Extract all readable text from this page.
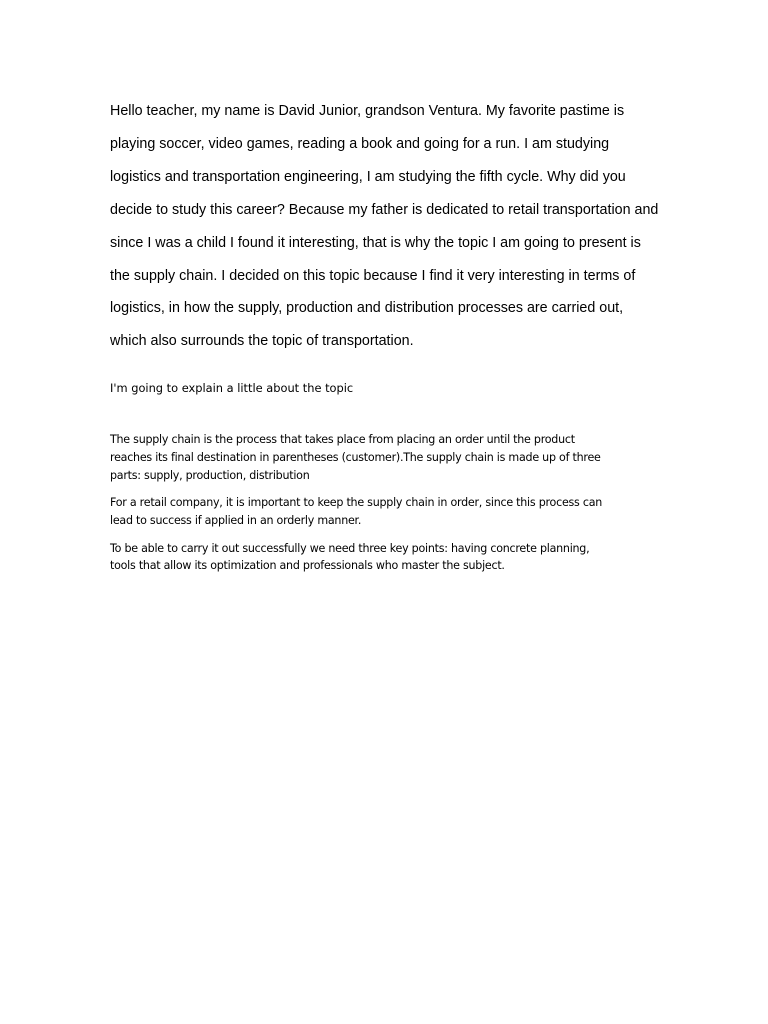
Hello teacher, my name is David Junior, grandson Ventura. My favorite pastime is
playing soccer, video games, reading a book and going for a run. I am studying
logistics and transportation engineering, I am studying the fifth cycle. Why did you
decide to study this career? Because my father is dedicated to retail transportation and
since I was a child I found it interesting, that is why the topic I am going to present is
the supply chain. I decided on this topic because I find it very interesting in terms of
logistics, in how the supply, production and distribution processes are carried out,
which also surrounds the topic of transportation.

I'm going to explain a little about the topic

The supply chain is the process that takes place from placing an order until the product
reaches its final destination in parentheses (customer).The supply chain is made up of three
parts: supply, production, distribution

For a retail company, it is important to keep the supply chain in order, since this process can
lead to success if applied in an orderly manner.

To be able to carry it out successfully we need three key points: having concrete planning,
tools that allow its optimization and professionals who master the subject.
